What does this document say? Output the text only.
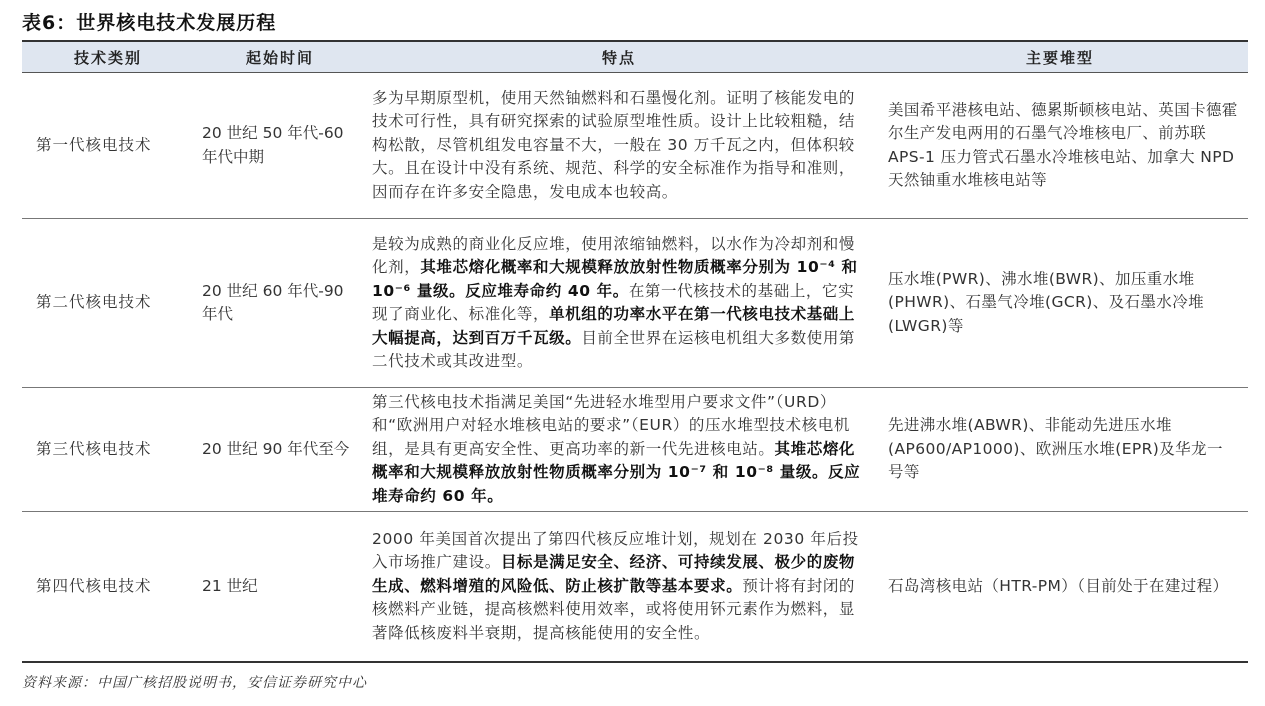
表6：世界核电技术发展历程
技术类别	起始时间	特点	主要堆型
第一代核电技术	20 世纪 50 年代-60 年代中期	多为早期原型机，使用天然铀燃料和石墨慢化剂。证明了核能发电的技术可行性，具有研究探索的试验原型堆性质。设计上比较粗糙，结构松散，尽管机组发电容量不大，一般在 30 万千瓦之内，但体积较大。且在设计中没有系统、规范、科学的安全标准作为指导和准则，因而存在许多安全隐患，发电成本也较高。	美国希平港核电站、德累斯顿核电站、英国卡德霍尔生产发电两用的石墨气冷堆核电厂、前苏联 APS-1 压力管式石墨水冷堆核电站、加拿大 NPD 天然铀重水堆核电站等
第二代核电技术	20 世纪 60 年代-90 年代	是较为成熟的商业化反应堆，使用浓缩铀燃料，以水作为冷却剂和慢化剂，其堆芯熔化概率和大规模释放放射性物质概率分别为 10⁻⁴ 和 10⁻⁶ 量级。反应堆寿命约 40 年。在第一代核技术的基础上，它实现了商业化、标准化等，单机组的功率水平在第一代核电技术基础上大幅提高，达到百万千瓦级。目前全世界在运核电机组大多数使用第二代技术或其改进型。	压水堆(PWR)、沸水堆(BWR)、加压重水堆(PHWR)、石墨气冷堆(GCR)、及石墨水冷堆(LWGR)等
第三代核电技术	20 世纪 90 年代至今	第三代核电技术指满足美国“先进轻水堆型用户要求文件”（URD）和“欧洲用户对轻水堆核电站的要求”（EUR）的压水堆型技术核电机组，是具有更高安全性、更高功率的新一代先进核电站。其堆芯熔化概率和大规模释放放射性物质概率分别为 10⁻⁷ 和 10⁻⁸ 量级。反应堆寿命约 60 年。	先进沸水堆(ABWR)、非能动先进压水堆(AP600/AP1000)、欧洲压水堆(EPR)及华龙一号等
第四代核电技术	21 世纪	2000 年美国首次提出了第四代核反应堆计划，规划在 2030 年后投入市场推广建设。目标是满足安全、经济、可持续发展、极少的废物生成、燃料增殖的风险低、防止核扩散等基本要求。预计将有封闭的核燃料产业链，提高核燃料使用效率，或将使用钚元素作为燃料，显著降低核废料半衰期，提高核能使用的安全性。	石岛湾核电站（HTR-PM）（目前处于在建过程）
资料来源：中国广核招股说明书，安信证券研究中心
